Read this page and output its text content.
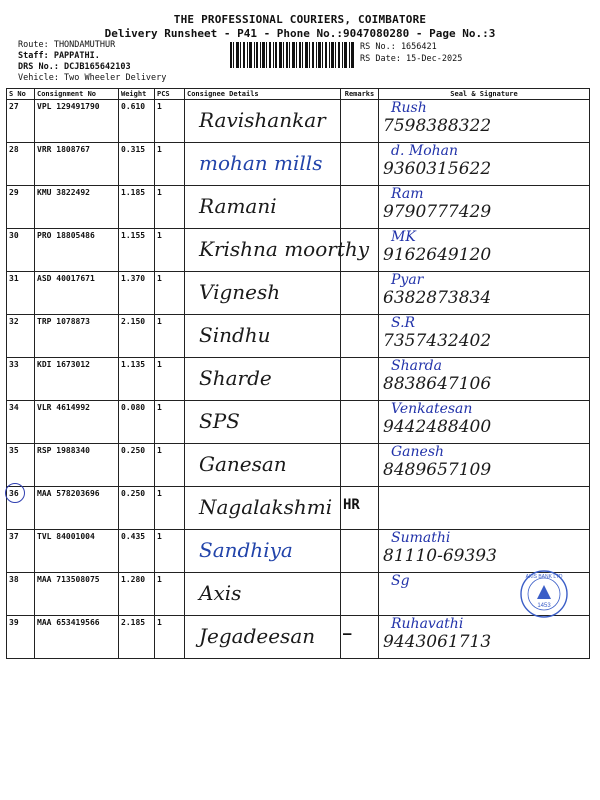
THE PROFESSIONAL COURIERS, COIMBATORE
Delivery Runsheet - P41 - Phone No.:9047080280 - Page No.:3
Route: THONDAMUTHUR
Staff: PAPPATHI.
DRS No.: DCJB165642103
Vehicle: Two Wheeler Delivery
RS No.: 1656421
RS Date: 15-Dec-2025
S No	Consignment No	Weight	PCS	Consignee Details	Remarks	Seal & Signature

27	VPL 129491790	0.610	1	Ravishankar		Rush
7598388322

28	VRR 1808767	0.315	1	mohan mills		d. Mohan
9360315622

29	KMU 3822492	1.185	1	Ramani		Ram
9790777429

30	PRO 18805486	1.155	1	Krishna moorthy		MK
9162649120

31	ASD 40017671	1.370	1	Vignesh		Pyar
6382873834

32	TRP 1078873	2.150	1	Sindhu		S.R
7357432402

33	KDI 1673012	1.135	1	Sharde		Sharda
8838647106

34	VLR 4614992	0.080	1	SPS		Venkatesan
9442488400

35	RSP 1988340	0.250	1	Ganesan		Ganesh
8489657109

36	MAA 578203696	0.250	1	Nagalakshmi	HR	

37	TVL 84001004	0.435	1	Sandhiya		Sumathi
81110-69393

38	MAA 713508075	1.280	1	Axis		Sg
1453
AXIS BANK LTD

39	MAA 653419566	2.185	1	Jegadeesan	—	Ruhavathi
9443061713
